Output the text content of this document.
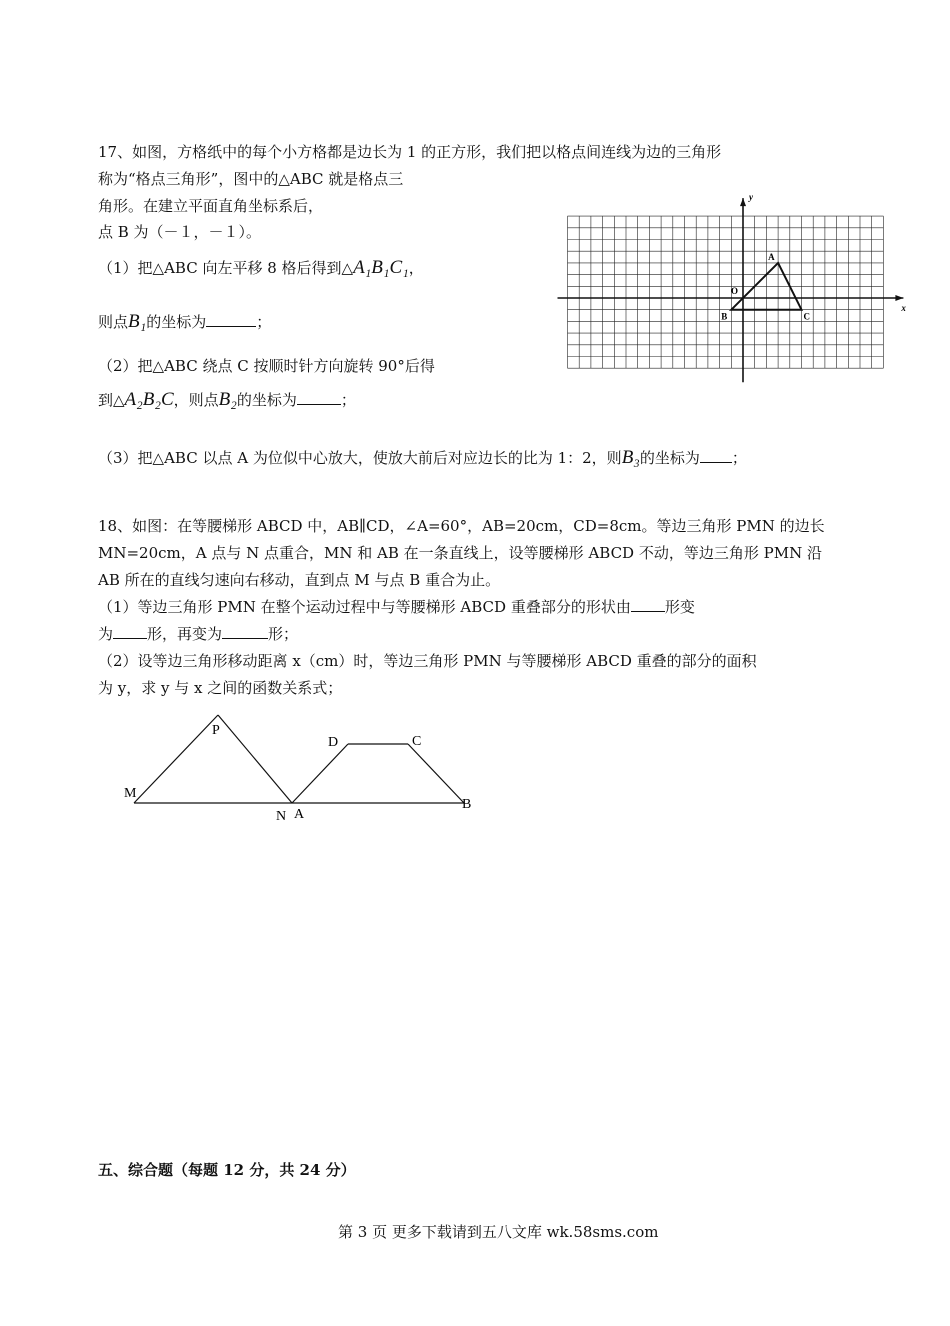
17、如图，方格纸中的每个小方格都是边长为 1 的正方形，我们把以格点间连线为边的三角形
称为“格点三角形”，图中的△ABC 就是格点三
角形。在建立平面直角坐标系后，
点 B 为（－１，－１）。
（1）把△ABC 向左平移 8 格后得到△A₁B₁C₁，
则点B₁的坐标为	；
（2）把△ABC 绕点 C 按顺时针方向旋转 90°后得
到△A₂B₂C，则点B₂的坐标为	；
（3）把△ABC 以点 A 为位似中心放大，使放大前后对应边长的比为 1：2，则B₃的坐标为 ；
A
B	C
O
x
y
18、如图：在等腰梯形 ABCD 中，AB∥CD，∠A=60°，AB=20cm，CD=8cm。等边三角形 PMN 的边长
MN=20cm，A 点与 N 点重合，MN 和 AB 在一条直线上，设等腰梯形 ABCD 不动，等边三角形 PMN 沿
AB 所在的直线匀速向右移动，直到点 M 与点 B 重合为止。
（1）等边三角形 PMN 在整个运动过程中与等腰梯形 ABCD 重叠部分的形状由 形变
为 形，再变为	形；
（2）设等边三角形移动距离 x（cm）时，等边三角形 PMN 与等腰梯形 ABCD 重叠的部分的面积
为 y，求 y 与 x 之间的函数关系式；
P
M
N A
B
D	C
五、综合题（每题 12 分，共 24 分）
第 3 页 更多下载请到五八文库 wk.58sms.com
